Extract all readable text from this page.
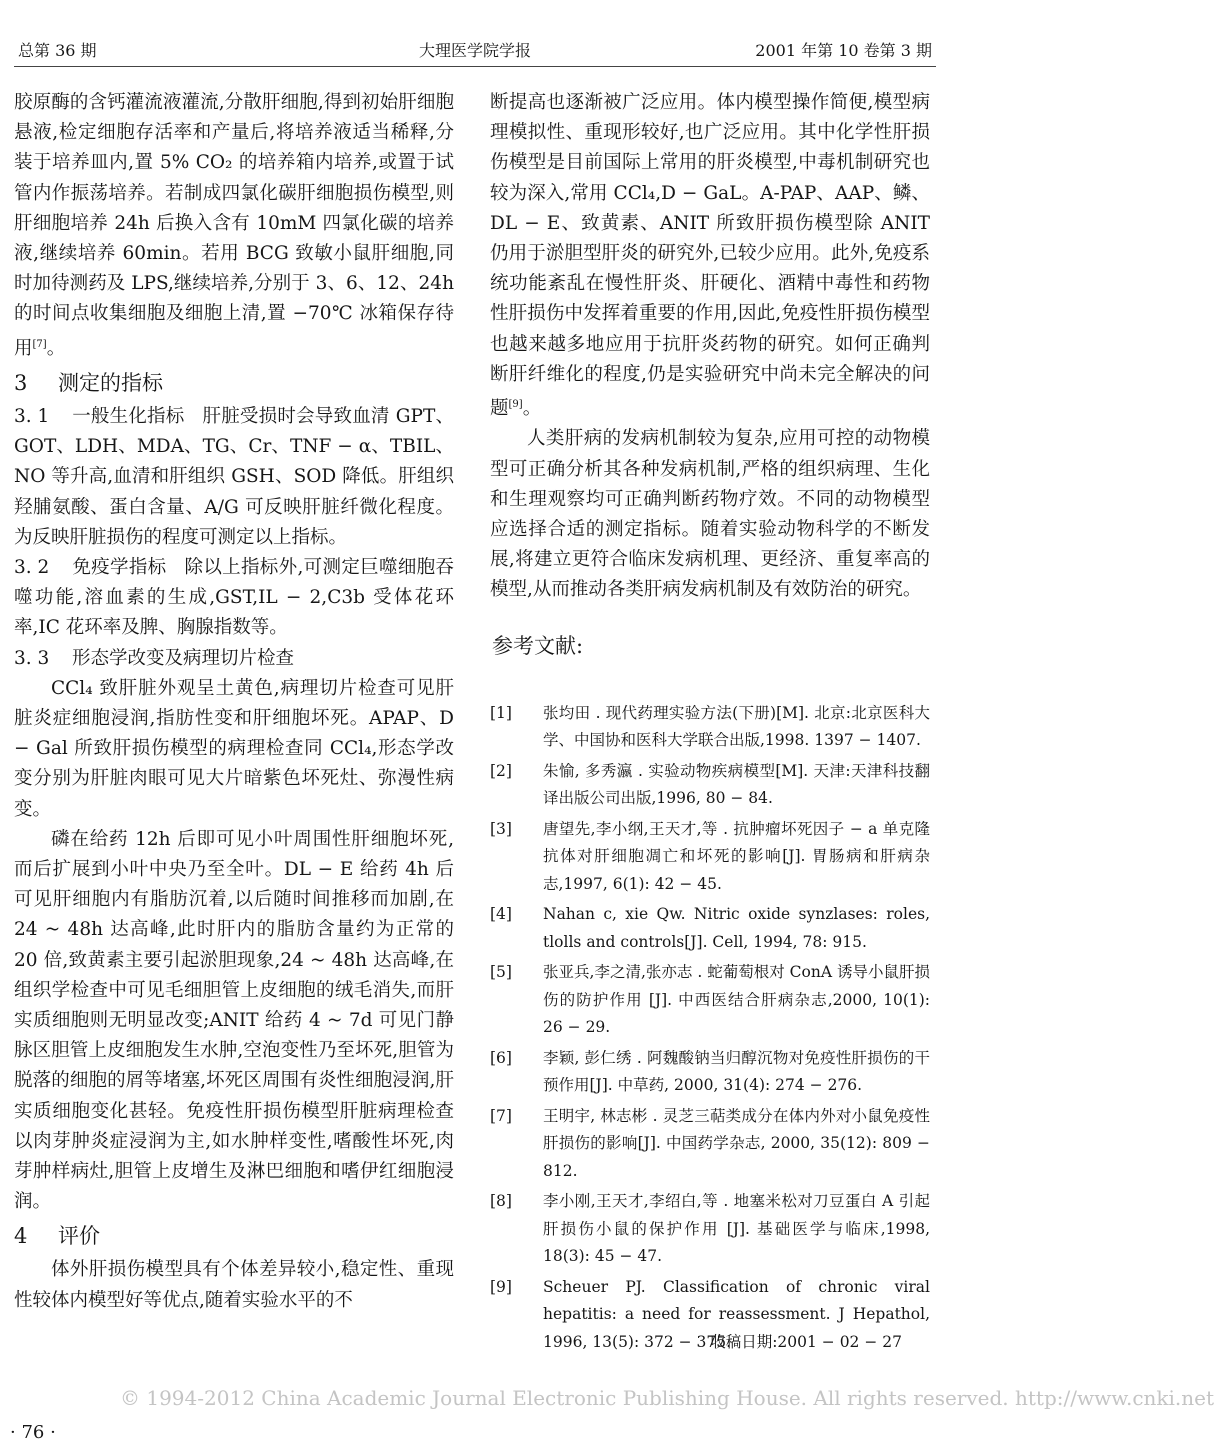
总第 36 期	大理医学院学报	2001 年第 10 卷第 3 期

胶原酶的含钙灌流液灌流,分散肝细胞,得到初始肝细胞悬液,检定细胞存活率和产量后,将培养液适当稀释,分装于培养皿内,置 5% CO₂ 的培养箱内培养,或置于试管内作振荡培养。若制成四氯化碳肝细胞损伤模型,则肝细胞培养 24h 后换入含有 10mM 四氯化碳的培养液,继续培养 60min。若用 BCG 致敏小鼠肝细胞,同时加待测药及 LPS,继续培养,分别于 3、6、12、24h 的时间点收集细胞及细胞上清,置 −70℃ 冰箱保存待用[7]。

3 测定的指标

3. 1 一般生化指标 肝脏受损时会导致血清 GPT、GOT、LDH、MDA、TG、Cr、TNF − α、TBIL、NO 等升高,血清和肝组织 GSH、SOD 降低。肝组织羟脯氨酸、蛋白含量、A/G 可反映肝脏纤微化程度。为反映肝脏损伤的程度可测定以上指标。

3. 2 免疫学指标 除以上指标外,可测定巨噬细胞吞噬功能,溶血素的生成,GST,IL − 2,C3b 受体花环率,IC 花环率及脾、胸腺指数等。

3. 3 形态学改变及病理切片检查

CCl₄ 致肝脏外观呈土黄色,病理切片检查可见肝脏炎症细胞浸润,指肪性变和肝细胞坏死。APAP、D − Gal 所致肝损伤模型的病理检查同 CCl₄,形态学改变分别为肝脏肉眼可见大片暗紫色坏死灶、弥漫性病变。

磷在给药 12h 后即可见小叶周围性肝细胞坏死,而后扩展到小叶中央乃至全叶。DL − E 给药 4h 后可见肝细胞内有脂肪沉着,以后随时间推移而加剧,在 24 ~ 48h 达高峰,此时肝内的脂肪含量约为正常的 20 倍,致黄素主要引起淤胆现象,24 ~ 48h 达高峰,在组织学检查中可见毛细胆管上皮细胞的绒毛消失,而肝实质细胞则无明显改变;ANIT 给药 4 ~ 7d 可见门静脉区胆管上皮细胞发生水肿,空泡变性乃至坏死,胆管为脱落的细胞的屑等堵塞,坏死区周围有炎性细胞浸润,肝实质细胞变化甚轻。免疫性肝损伤模型肝脏病理检查以肉芽肿炎症浸润为主,如水肿样变性,嗜酸性坏死,肉芽肿样病灶,胆管上皮增生及淋巴细胞和嗜伊红细胞浸润。

4 评价

体外肝损伤模型具有个体差异较小,稳定性、重现性较体内模型好等优点,随着实验水平的不

断提高也逐渐被广泛应用。体内模型操作简便,模型病理模拟性、重现形较好,也广泛应用。其中化学性肝损伤模型是目前国际上常用的肝炎模型,中毒机制研究也较为深入,常用 CCl₄,D − GaL。A-PAP、AAP、鳞、DL − E、致黄素、ANIT 所致肝损伤模型除 ANIT 仍用于淤胆型肝炎的研究外,已较少应用。此外,免疫系统功能紊乱在慢性肝炎、肝硬化、酒精中毒性和药物性肝损伤中发挥着重要的作用,因此,免疫性肝损伤模型也越来越多地应用于抗肝炎药物的研究。如何正确判断肝纤维化的程度,仍是实验研究中尚未完全解决的问题[9]。

人类肝病的发病机制较为复杂,应用可控的动物模型可正确分析其各种发病机制,严格的组织病理、生化和生理观察均可正确判断药物疗效。不同的动物模型应选择合适的测定指标。随着实验动物科学的不断发展,将建立更符合临床发病机理、更经济、重复率高的模型,从而推动各类肝病发病机制及有效防治的研究。

参考文献:
[1] 张均田 . 现代药理实验方法(下册)[M]. 北京:北京医科大学、中国协和医科大学联合出版,1998. 1397 − 1407.
[2] 朱愉, 多秀瀛 . 实验动物疾病模型[M]. 天津:天津科技翻译出版公司出版,1996, 80 − 84.
[3] 唐望先,李小纲,王天才,等 . 抗肿瘤坏死因子 − a 单克隆抗体对肝细胞凋亡和坏死的影响[J]. 胃肠病和肝病杂志,1997, 6(1): 42 − 45.
[4] Nahan c, xie Qw. Nitric oxide synzlases: roles, tlolls and controls[J]. Cell, 1994, 78: 915.
[5] 张亚兵,李之清,张亦志 . 蛇葡萄根对 ConA 诱导小鼠肝损伤的防护作用 [J]. 中西医结合肝病杂志,2000, 10(1): 26 − 29.
[6] 李颖, 彭仁绣 . 阿魏酸钠当归醇沉物对免疫性肝损伤的干预作用[J]. 中草药, 2000, 31(4): 274 − 276.
[7] 王明宇, 林志彬 . 灵芝三萜类成分在体内外对小鼠免疫性肝损伤的影响[J]. 中国药学杂志, 2000, 35(12): 809 − 812.
[8] 李小刚,王天才,李绍白,等 . 地塞米松对刀豆蛋白 A 引起肝损伤小鼠的保护作用 [J]. 基础医学与临床,1998, 18(3): 45 − 47.
[9] Scheuer PJ. Classification of chronic viral hepatitis: a need for reassessment. J Hepathol, 1996, 13(5): 372 − 375.
收稿日期:2001 − 02 − 27
© 1994-2012 China Academic Journal Electronic Publishing House. All rights reserved. http://www.cnki.net
· 76 ·
